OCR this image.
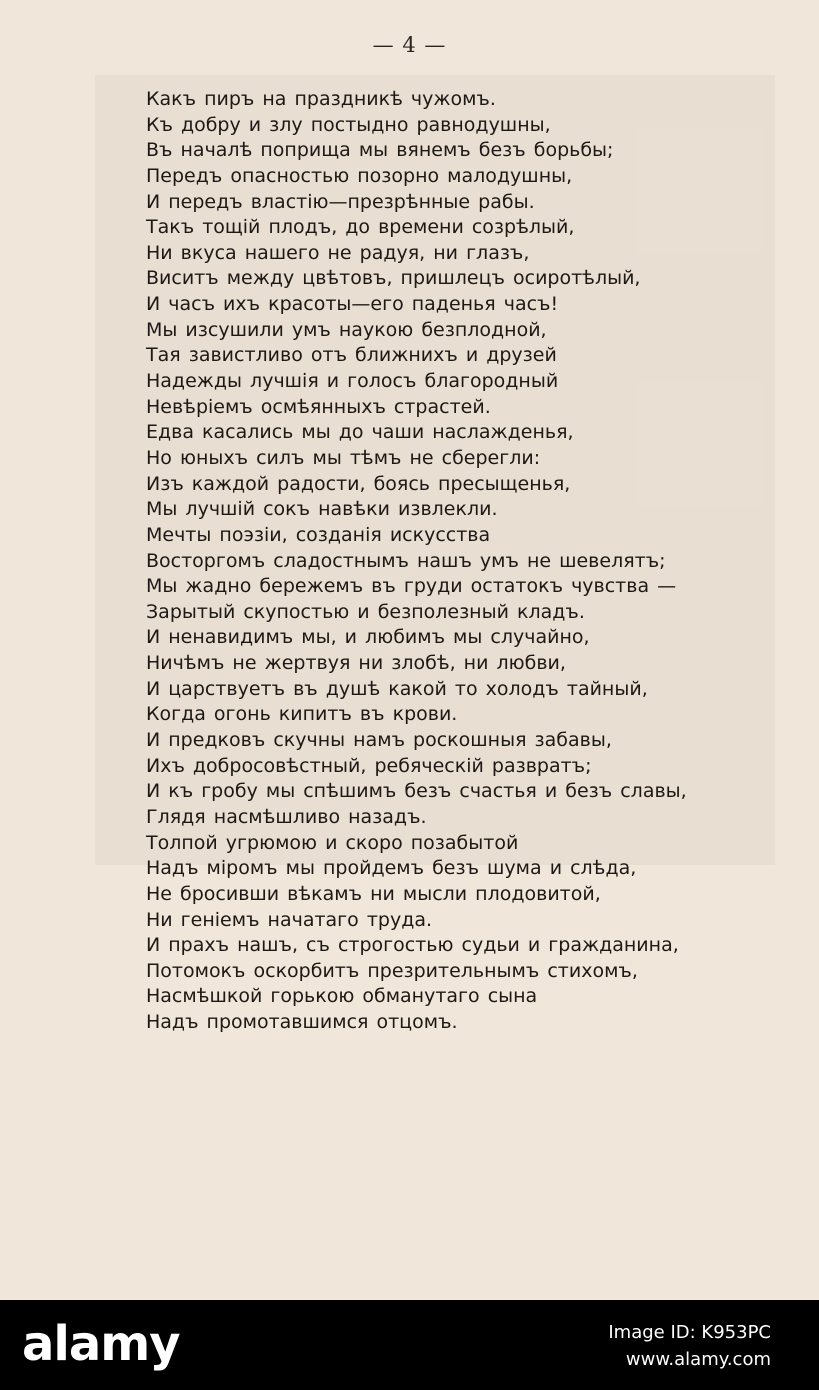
— 4 —
Какъ пиръ на праздникѣ чужомъ.
Къ добру и злу постыдно равнодушны,
Въ началѣ поприща мы вянемъ безъ борьбы;
Передъ опасностью позорно малодушны,
И передъ властію—презрѣнные рабы.
Такъ тощій плодъ, до времени созрѣлый,
Ни вкуса нашего не радуя, ни глазъ,
Виситъ между цвѣтовъ, пришлецъ осиротѣлый,
И часъ ихъ красоты—его паденья часъ!
Мы изсушили умъ наукою безплодной,
Тая завистливо отъ ближнихъ и друзей
Надежды лучшія и голосъ благородный
Невѣріемъ осмѣянныхъ страстей.
Едва касались мы до чаши наслажденья,
Но юныхъ силъ мы тѣмъ не сберегли:
Изъ каждой радости, боясь пресыщенья,
Мы лучшій сокъ навѣки извлекли.
Мечты поэзіи, созданія искусства
Восторгомъ сладостнымъ нашъ умъ не шевелятъ;
Мы жадно бережемъ въ груди остатокъ чувства —
Зарытый скупостью и безполезный кладъ.
И ненавидимъ мы, и любимъ мы случайно,
Ничѣмъ не жертвуя ни злобѣ, ни любви,
И царствуетъ въ душѣ какой то холодъ тайный,
Когда огонь кипитъ въ крови.
И предковъ скучны намъ роскошныя забавы,
Ихъ добросовѣстный, ребяческій развратъ;
И къ гробу мы спѣшимъ безъ счастья и безъ славы,
Глядя насмѣшливо назадъ.
Толпой угрюмою и скоро позабытой
Надъ міромъ мы пройдемъ безъ шума и слѣда,
Не бросивши вѣкамъ ни мысли плодовитой,
Ни геніемъ начатаго труда.
И прахъ нашъ, съ строгостью судьи и гражданина,
Потомокъ оскорбитъ презрительнымъ стихомъ,
Насмѣшкой горькою обманутаго сына
Надъ промотавшимся отцомъ.
alamy	Image ID: K953PC
www.alamy.com
